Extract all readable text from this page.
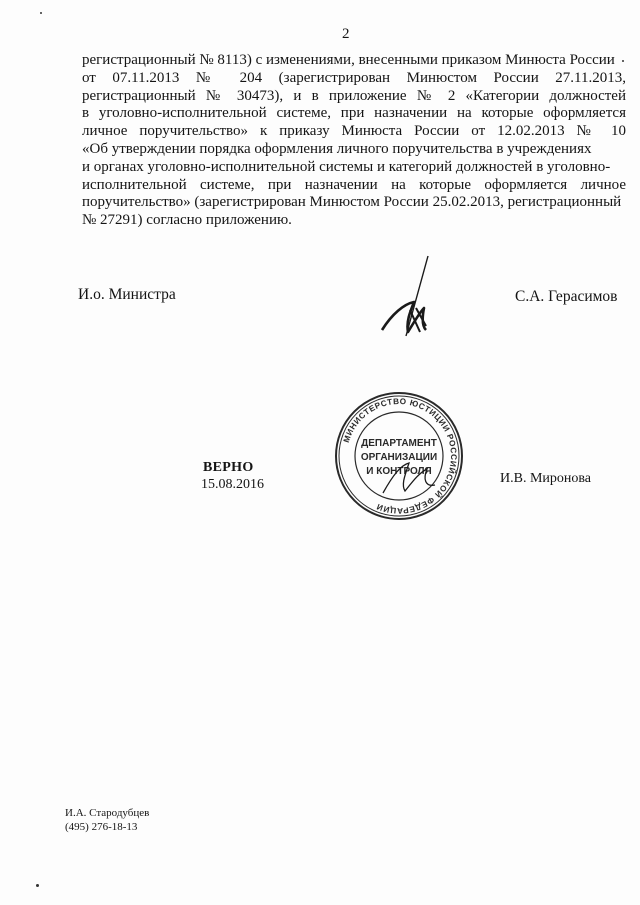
2

регистрационный № 8113) с изменениями, внесенными приказом Минюста России
от 07.11.2013 № 204 (зарегистрирован Минюстом России 27.11.2013,
регистрационный № 30473), и в приложение № 2 «Категории должностей
в уголовно-исполнительной системе, при назначении на которые оформляется
личное поручительство» к приказу Минюста России от 12.02.2013 № 10
«Об утверждении порядка оформления личного поручительства в учреждениях
и органах уголовно-исполнительной системы и категорий должностей в уголовно-
исполнительной системе, при назначении на которые оформляется личное
поручительство» (зарегистрирован Минюстом России 25.02.2013, регистрационный
№ 27291) согласно приложению.

И.о. Министра	С.А. Герасимов
МИНИСТЕРСТВО ЮСТИЦИИ РОССИЙСКОЙ ФЕДЕРАЦИИ
ДЕПАРТАМЕНТ
ОРГАНИЗАЦИИ
И КОНТРОЛЯ
ВЕРНО
15.08.2016	И.В. Миронова
И.А. Стародубцев
(495) 276-18-13
